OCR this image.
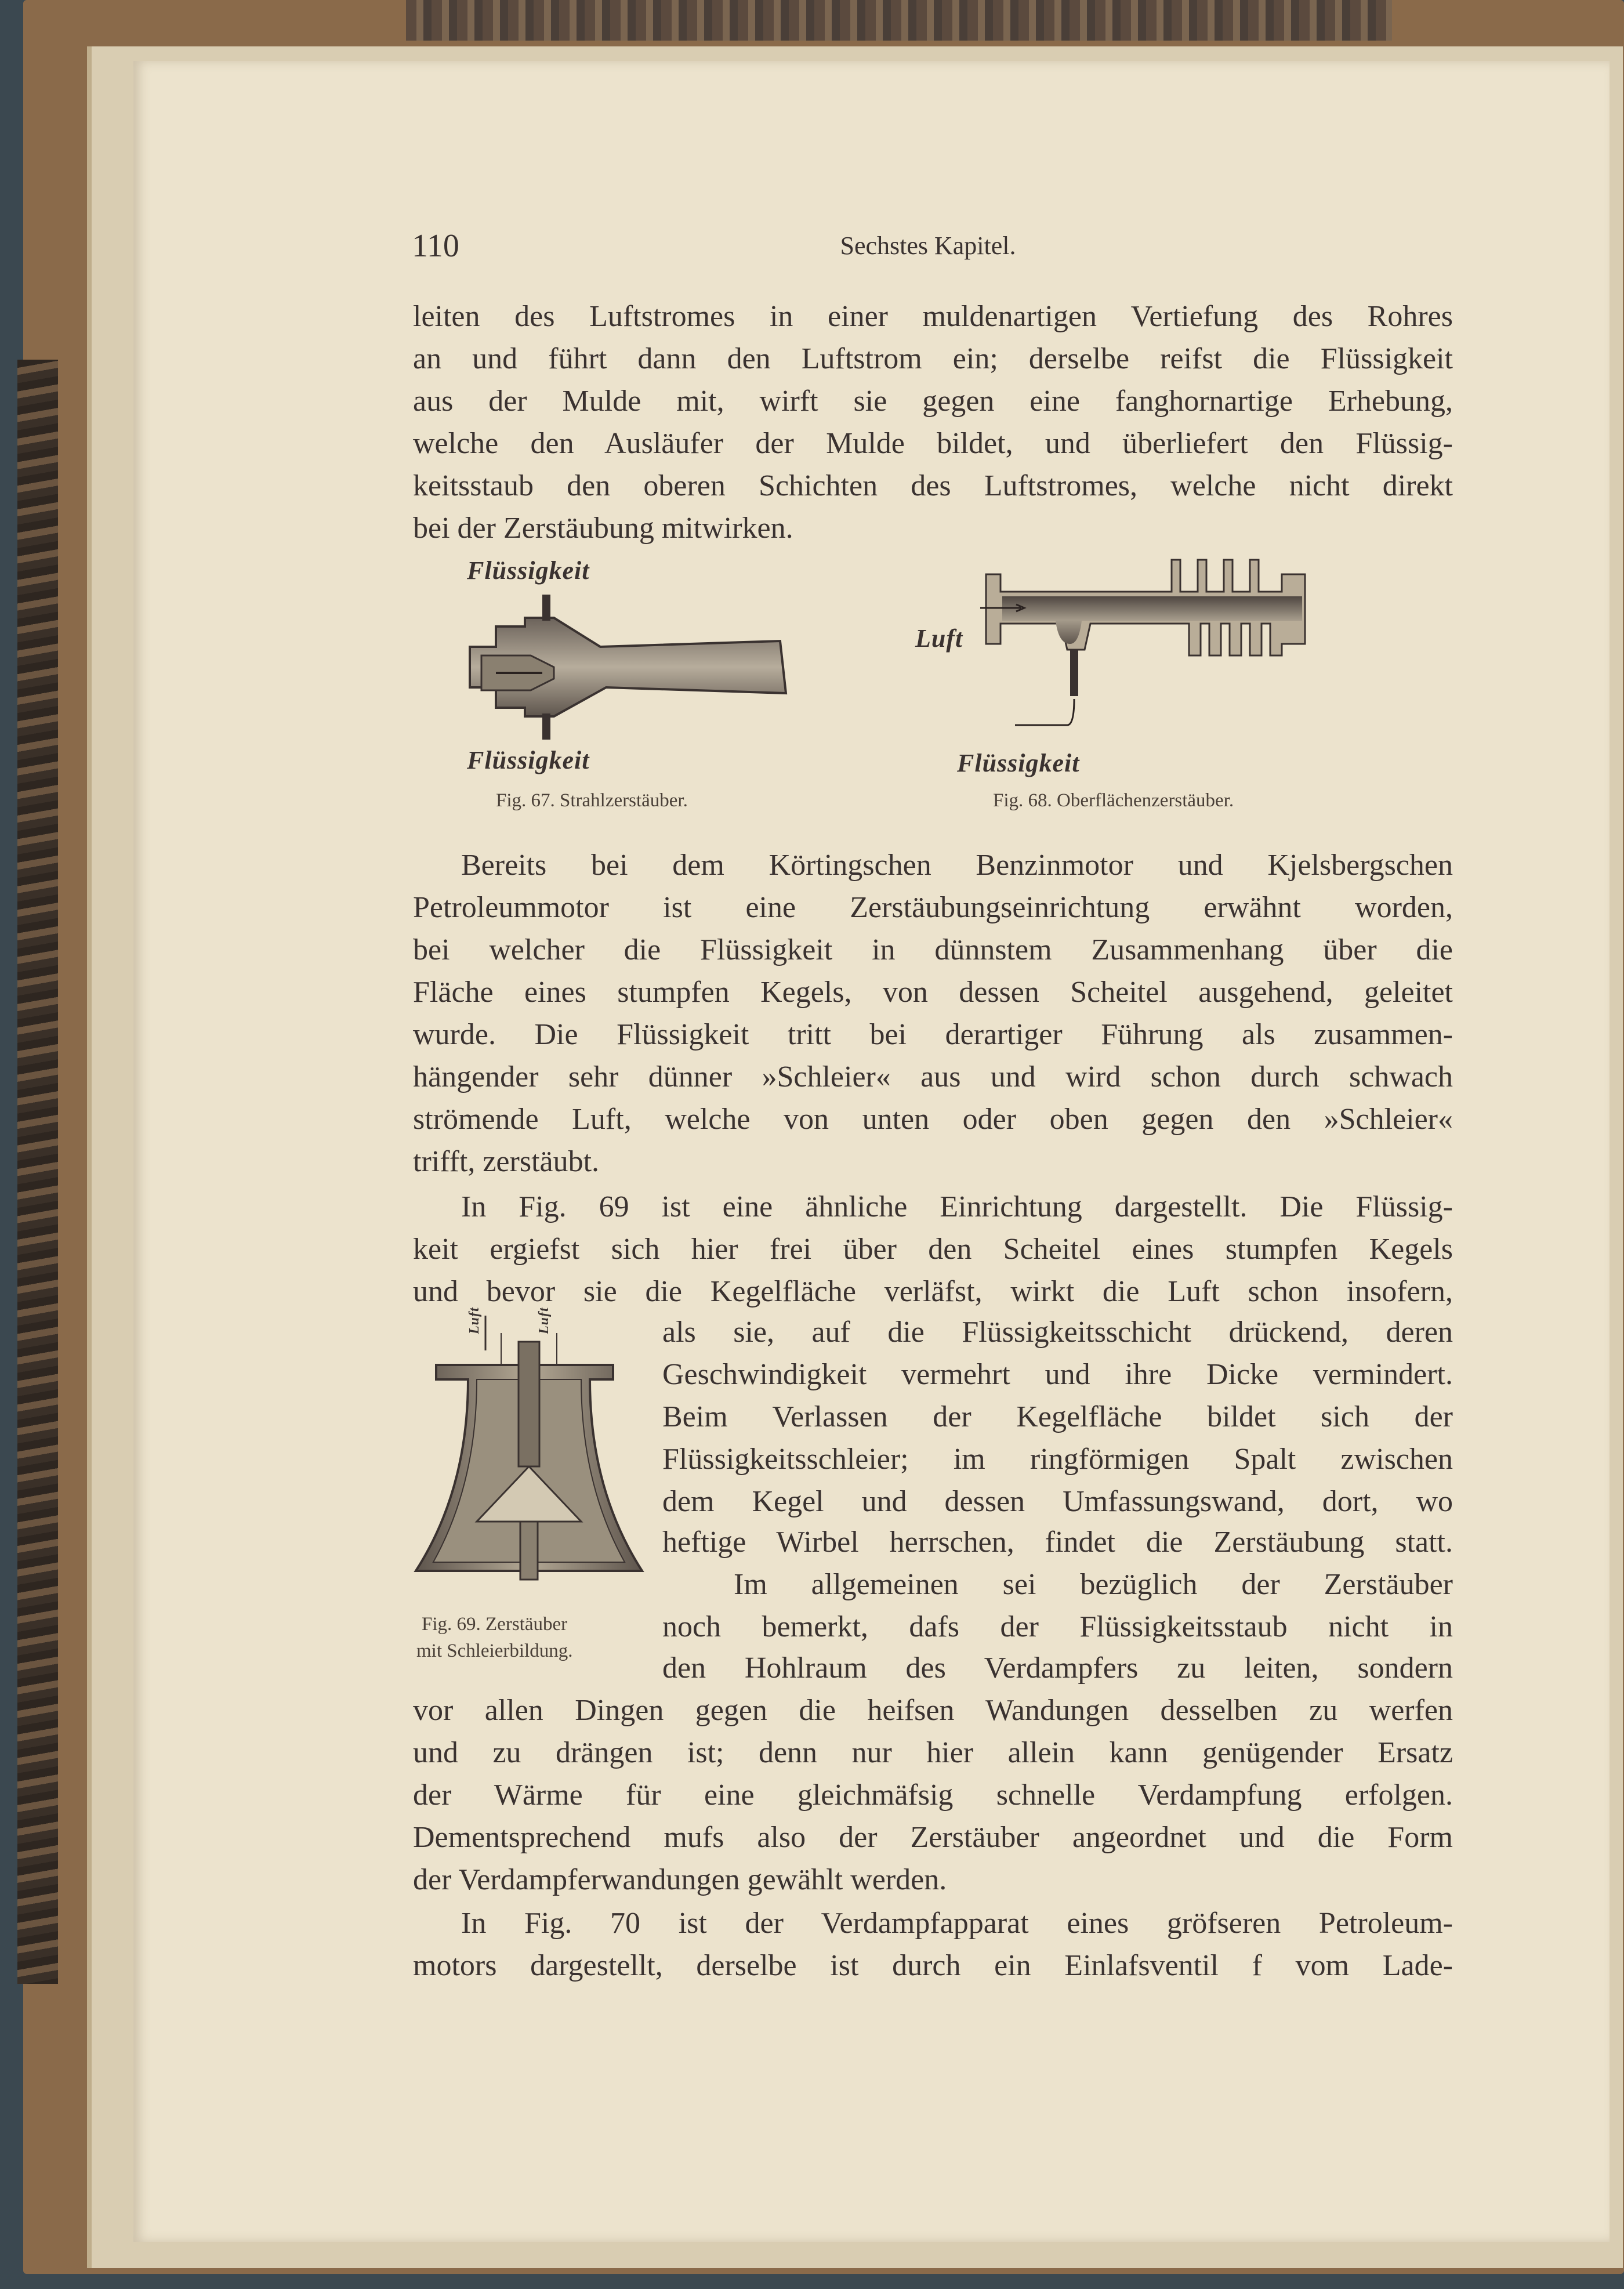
110	Sechstes Kapitel.
leiten des Luftstromes in einer muldenartigen Vertiefung des Rohres
an und führt dann den Luftstrom ein; derselbe reifst die Flüssigkeit
aus der Mulde mit, wirft sie gegen eine fanghornartige Erhebung,
welche den Ausläufer der Mulde bildet, und überliefert den Flüssig-
keitsstaub den oberen Schichten des Luftstromes, welche nicht direkt
bei der Zerstäubung mitwirken.
Flüssigkeit
Flüssigkeit
Fig. 67. Strahlzerstäuber.
Luft
Flüssigkeit
Fig. 68. Oberflächenzerstäuber.
Bereits bei dem Körtingschen Benzinmotor und Kjelsbergschen
Petroleummotor ist eine Zerstäubungseinrichtung erwähnt worden,
bei welcher die Flüssigkeit in dünnstem Zusammenhang über die
Fläche eines stumpfen Kegels, von dessen Scheitel ausgehend, geleitet
wurde. Die Flüssigkeit tritt bei derartiger Führung als zusammen-
hängender sehr dünner »Schleier« aus und wird schon durch schwach
strömende Luft, welche von unten oder oben gegen den »Schleier«
trifft, zerstäubt.
In Fig. 69 ist eine ähnliche Einrichtung dargestellt. Die Flüssig-
keit ergiefst sich hier frei über den Scheitel eines stumpfen Kegels
und bevor sie die Kegelfläche verläfst, wirkt die Luft schon insofern,
als sie, auf die Flüssigkeitsschicht drückend, deren
Geschwindigkeit vermehrt und ihre Dicke vermindert.
Beim Verlassen der Kegelfläche bildet sich der
Flüssigkeitsschleier; im ringförmigen Spalt zwischen
dem Kegel und dessen Umfassungswand, dort, wo
heftige Wirbel herrschen, findet die Zerstäubung statt.
Im allgemeinen sei bezüglich der Zerstäuber
noch bemerkt, dafs der Flüssigkeitsstaub nicht in
den Hohlraum des Verdampfers zu leiten, sondern
vor allen Dingen gegen die heifsen Wandungen desselben zu werfen
und zu drängen ist; denn nur hier allein kann genügender Ersatz
der Wärme für eine gleichmäfsig schnelle Verdampfung erfolgen.
Dementsprechend mufs also der Zerstäuber angeordnet und die Form
der Verdampferwandungen gewählt werden.
In Fig. 70 ist der Verdampfapparat eines gröfseren Petroleum-
motors dargestellt, derselbe ist durch ein Einlafsventil f vom Lade-
Luft	Luft
Fig. 69. Zerstäuber
mit Schleierbildung.
